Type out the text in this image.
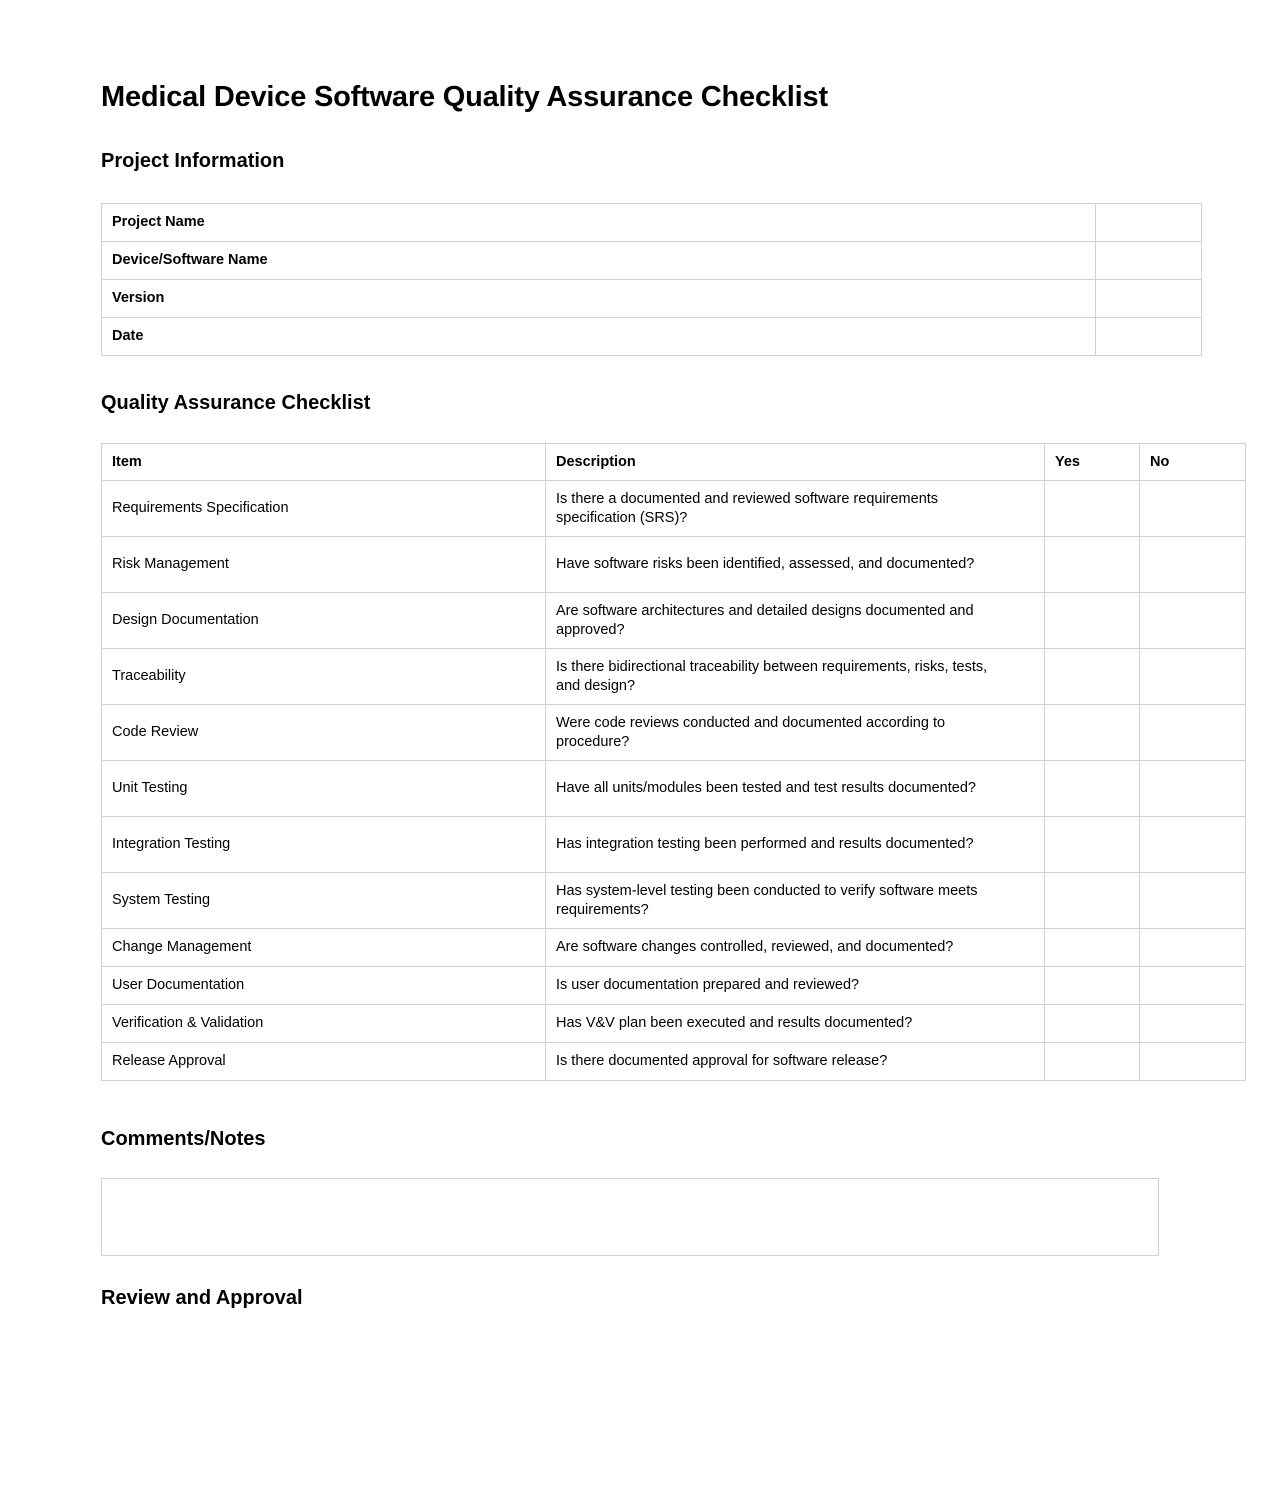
Medical Device Software Quality Assurance Checklist
Project Information
Project Name	
Device/Software Name	
Version	
Date	
Quality Assurance Checklist
Item	Description	Yes	No
Requirements Specification	Is there a documented and reviewed software requirements specification (SRS)?		

Risk Management	Have software risks been identified, assessed, and documented?		

Design Documentation	Are software architectures and detailed designs documented and approved?		

Traceability	Is there bidirectional traceability between requirements, risks, tests, and design?		

Code Review	Were code reviews conducted and documented according to procedure?		

Unit Testing	Have all units/modules been tested and test results documented?		

Integration Testing	Has integration testing been performed and results documented?		

System Testing	Has system-level testing been conducted to verify software meets requirements?		

Change Management	Are software changes controlled, reviewed, and documented?		

User Documentation	Is user documentation prepared and reviewed?		

Verification & Validation	Has V&V plan been executed and results documented?		

Release Approval	Is there documented approval for software release?		

Comments/Notes
Review and Approval
